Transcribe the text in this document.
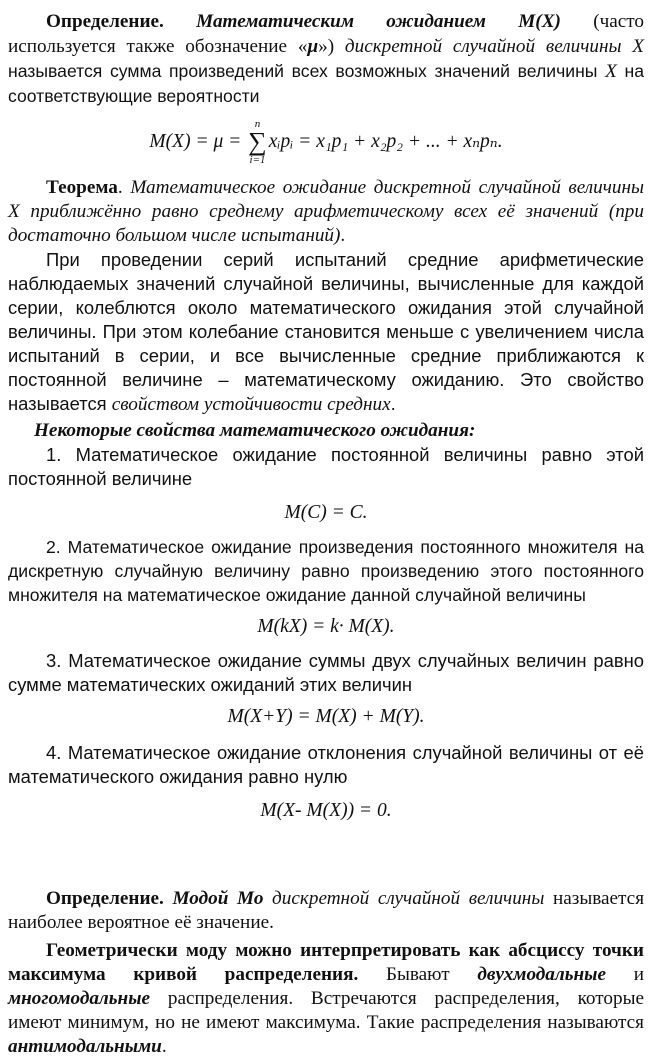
Определение. Математическим ожиданием M(X) (часто используется также обозначение «μ») дискретной случайной величины X называется сумма произведений всех возможных значений величины X на соответствующие вероятности

M(X) = μ =
n
∑
i=1
xᵢpᵢ = x₁p₁ + x₂p₂ + ... + xₙpₙ.

Теорема. Математическое ожидание дискретной случайной величины X приближённо равно среднему арифметическому всех её значений (при достаточно большом числе испытаний).

При проведении серий испытаний средние арифметические наблюдаемых значений случайной величины, вычисленные для каждой серии, колеблются около математического ожидания этой случайной величины. При этом колебание становится меньше с увеличением числа испытаний в серии, и все вычисленные средние приближаются к постоянной величине – математическому ожиданию. Это свойство называется свойством устойчивости средних.

Некоторые свойства математического ожидания:

1. Математическое ожидание постоянной величины равно этой постоянной величине

M(C) = C.

2. Математическое ожидание произведения постоянного множителя на дискретную случайную величину равно произведению этого постоянного множителя на математическое ожидание данной случайной величины

M(kX) = k· M(X).

3. Математическое ожидание суммы двух случайных величин равно сумме математических ожиданий этих величин

M(X+Y) = M(X) + M(Y).

4. Математическое ожидание отклонения случайной величины от её математического ожидания равно нулю

M(X- M(X)) = 0.

Определение. Модой Мо дискретной случайной величины называется наиболее вероятное её значение.

Геометрически моду можно интерпретировать как абсциссу точки максимума кривой распределения. Бывают двухмодальные и многомодальные распределения. Встречаются распределения, которые имеют минимум, но не имеют максимума. Такие распределения называются антимодальными.
